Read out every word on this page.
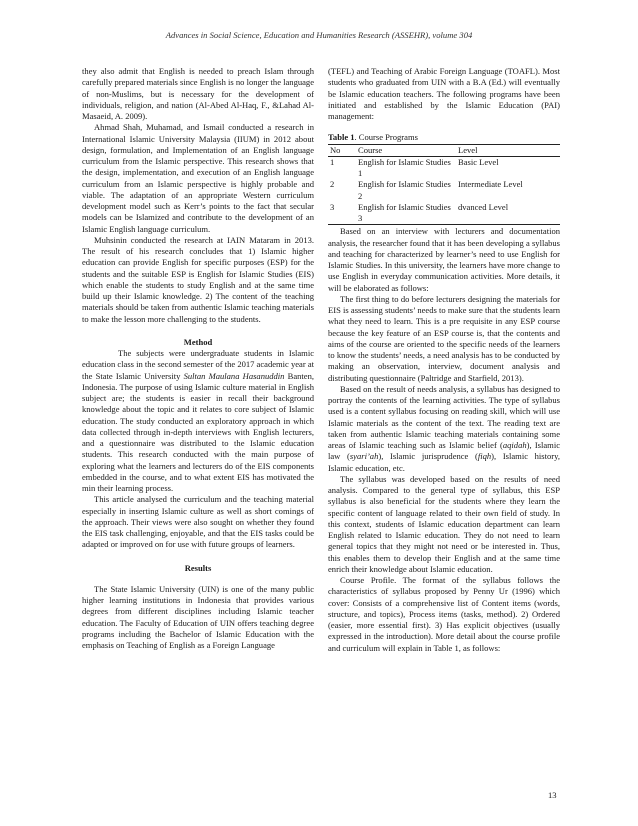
Advances in Social Science, Education and Humanities Research (ASSEHR), volume 304

they also admit that English is needed to preach Islam through carefully prepared materials since English is no longer the language of non-Muslims, but is necessary for the development of individuals, religion, and nation (Al-Abed Al-Haq, F., &Lahad Al-Masaeid, A. 2009).

Ahmad Shah, Muhamad, and Ismail conducted a research in International Islamic University Malaysia (IIUM) in 2012 about design, formulation, and Implementation of an English language curriculum from the Islamic perspective. This research shows that the design, implementation, and execution of an English language curriculum from an Islamic perspective is highly probable and viable. The adaptation of an appropriate Western curriculum development model such as Kerr’s points to the fact that secular models can be Islamized and contribute to the development of an Islamic English language curriculum.

Muhsinin conducted the research at IAIN Mataram in 2013. The result of his research concludes that 1) Islamic higher education can provide English for specific purposes (ESP) for the students and the suitable ESP is English for Islamic Studies (EIS) which enable the students to study English and at the same time build up their Islamic knowledge. 2) The content of the teaching materials should be taken from authentic Islamic teaching materials to make the lesson more challenging to the students.

Method

The subjects were undergraduate students in Islamic education class in the second semester of the 2017 academic year at the State Islamic University Sultan Maulana Hasanuddin Banten, Indonesia. The purpose of using Islamic culture material in English subject are; the students is easier in recall their background knowledge about the topic and it relates to core subject of Islamic education. The study conducted an exploratory approach in which data collected through in-depth interviews with English lecturers, and a questionnaire was distributed to the Islamic education students. This research conducted with the main purpose of exploring what the learners and lecturers do of the EIS components embedded in the course, and to what extent EIS has motivated the min their learning process.

This article analysed the curriculum and the teaching material especially in inserting Islamic culture as well as short comings of the approach. Their views were also sought on whether they found the EIS task challenging, enjoyable, and that the EIS tasks could be adapted or improved on for use with future groups of learners.

Results

The State Islamic University (UIN) is one of the many public higher learning institutions in Indonesia that provides various degrees from different disciplines including Islamic teacher education. The Faculty of Education of UIN offers teaching degree programs including the Bachelor of Islamic Education with the emphasis on Teaching of English as a Foreign Language

(TEFL) and Teaching of Arabic Foreign Language (TOAFL). Most students who graduated from UIN with a B.A (Ed.) will eventually be Islamic education teachers. The following programs have been initiated and established by the Islamic Education (PAI) management:

Table 1. Course Programs

No	Course	Level
1	English for Islamic Studies 1	Basic Level
2	English for Islamic Studies 2	Intermediate Level
3	English for Islamic Studies 3	dvanced Level

Based on an interview with lecturers and documentation analysis, the researcher found that it has been developing a syllabus and teaching for characterized by learner’s need to use English for Islamic Studies. In this university, the learners have more change to use English in everyday communication activities. More details, it will be elaborated as follows:

The first thing to do before lecturers designing the materials for EIS is assessing students’ needs to make sure that the students learn what they need to learn. This is a pre requisite in any ESP course because the key feature of an ESP course is, that the contents and aims of the course are oriented to the specific needs of the learners to know the students’ needs, a need analysis has to be conducted by making an observation, interview, document analysis and distributing questionnaire (Paltridge and Starfield, 2013).

Based on the result of needs analysis, a syllabus has designed to portray the contents of the learning activities. The type of syllabus used is a content syllabus focusing on reading skill, which will use Islamic materials as the content of the text. The reading text are taken from authentic Islamic teaching materials containing some areas of Islamic teaching such as Islamic belief (aqidah), Islamic law (syari’ah), Islamic jurisprudence (fiqh), Islamic history, Islamic education, etc.

The syllabus was developed based on the results of need analysis. Compared to the general type of syllabus, this ESP syllabus is also beneficial for the students where they learn the specific content of language related to their own field of study. In this context, students of Islamic education department can learn English related to Islamic education. They do not need to learn general topics that they might not need or be interested in. Thus, this enables them to develop their English and at the same time enrich their knowledge about Islamic education.

Course Profile. The format of the syllabus follows the characteristics of syllabus proposed by Penny Ur (1996) which cover: Consists of a comprehensive list of Content items (words, structure, and topics), Process items (tasks, method). 2) Ordered (easier, more essential first). 3) Has explicit objectives (usually expressed in the introduction). More detail about the course profile and curriculum will explain in Table 1, as follows:

13
